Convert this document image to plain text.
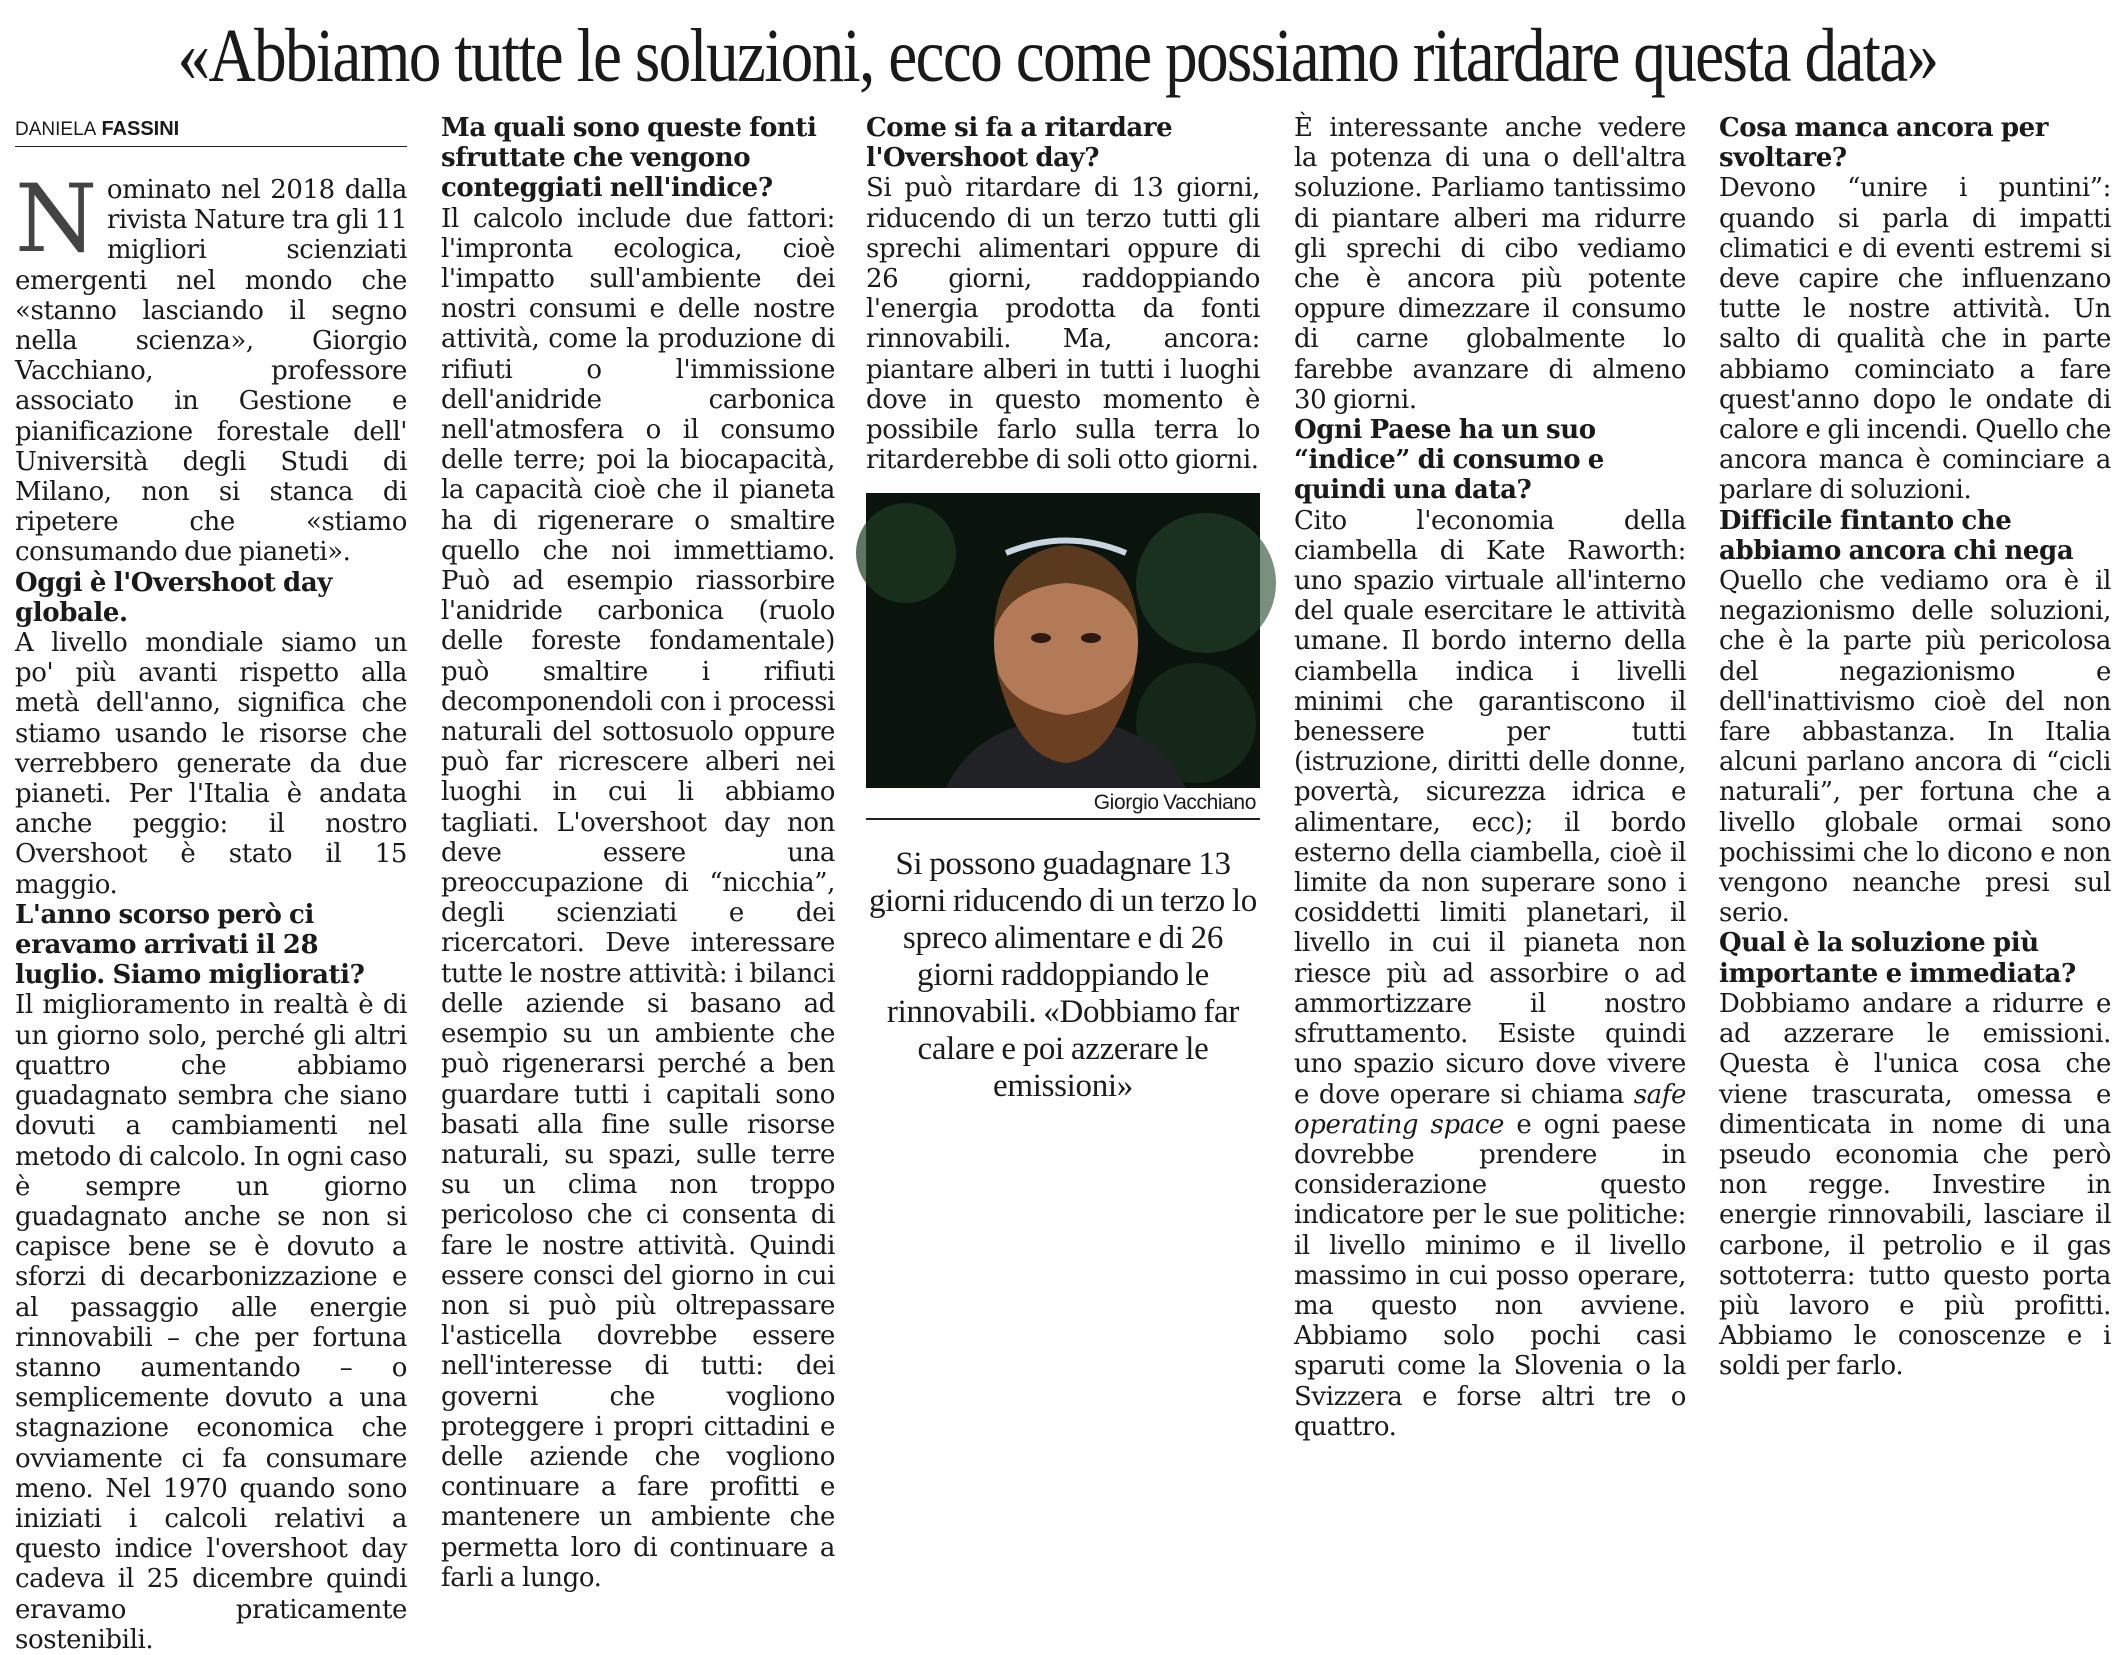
«Abbiamo tutte le soluzioni, ecco come possiamo ritardare questa data»
DANIELA FASSINI

Nominato nel 2018 dalla rivista Nature tra gli 11 migliori scienziati emergenti nel mondo che «stanno lasciando il segno nella scienza», Giorgio Vacchiano, professore associato in Gestione e pianificazione forestale dell' Università degli Studi di Milano, non si stanca di ripetere che «stiamo consumando due pianeti».

Oggi è l'Overshoot day globale.

A livello mondiale siamo un po' più avanti rispetto alla metà dell'anno, significa che stiamo usando le risorse che verrebbero generate da due pianeti. Per l'Italia è andata anche peggio: il nostro Overshoot è stato il 15 maggio.

L'anno scorso però ci eravamo arrivati il 28 luglio. Siamo migliorati?

Il miglioramento in realtà è di un giorno solo, perché gli altri quattro che abbiamo guadagnato sembra che siano dovuti a cambiamenti nel metodo di calcolo. In ogni caso è sempre un giorno guadagnato anche se non si capisce bene se è dovuto a sforzi di decarbonizzazione e al passaggio alle energie rinnovabili – che per fortuna stanno aumentando – o semplicemente dovuto a una stagnazione economica che ovviamente ci fa consumare meno. Nel 1970 quando sono iniziati i calcoli relativi a questo indice l'overshoot day cadeva il 25 dicembre quindi eravamo praticamente sostenibili.

Ma quali sono queste fonti sfruttate che vengono conteggiati nell'indice?

Il calcolo include due fattori: l'impronta ecologica, cioè l'impatto sull'ambiente dei nostri consumi e delle nostre attività, come la produzione di rifiuti o l'immissione dell'anidride carbonica nell'atmosfera o il consumo delle terre; poi la biocapacità, la capacità cioè che il pianeta ha di rigenerare o smaltire quello che noi immettiamo. Può ad esempio riassorbire l'anidride carbonica (ruolo delle foreste fondamentale) può smaltire i rifiuti decomponendoli con i processi naturali del sottosuolo oppure può far ricrescere alberi nei luoghi in cui li abbiamo tagliati. L'overshoot day non deve essere una preoccupazione di “nicchia”, degli scienziati e dei ricercatori. Deve interessare tutte le nostre attività: i bilanci delle aziende si basano ad esempio su un ambiente che può rigenerarsi perché a ben guardare tutti i capitali sono basati alla fine sulle risorse naturali, su spazi, sulle terre su un clima non troppo pericoloso che ci consenta di fare le nostre attività. Quindi essere consci del giorno in cui non si può più oltrepassare l'asticella dovrebbe essere nell'interesse di tutti: dei governi che vogliono proteggere i propri cittadini e delle aziende che vogliono continuare a fare profitti e mantenere un ambiente che permetta loro di continuare a farli a lungo.

Come si fa a ritardare l'Overshoot day?

Si può ritardare di 13 giorni, riducendo di un terzo tutti gli sprechi alimentari oppure di 26 giorni, raddoppiando l'energia prodotta da fonti rinnovabili. Ma, ancora: piantare alberi in tutti i luoghi dove in questo momento è possibile farlo sulla terra lo ritarderebbe di soli otto giorni.

Giorgio Vacchiano
Si possono guadagnare 13 giorni riducendo di un terzo lo spreco alimentare e di 26 giorni raddoppiando le rinnovabili. «Dobbiamo far calare e poi azzerare le emissioni»

È interessante anche vedere la potenza di una o dell'altra soluzione. Parliamo tantissimo di piantare alberi ma ridurre gli sprechi di cibo vediamo che è ancora più potente oppure dimezzare il consumo di carne globalmente lo farebbe avanzare di almeno 30 giorni.

Ogni Paese ha un suo “indice” di consumo e quindi una data?

Cito l'economia della ciambella di Kate Raworth: uno spazio virtuale all'interno del quale esercitare le attività umane. Il bordo interno della ciambella indica i livelli minimi che garantiscono il benessere per tutti (istruzione, diritti delle donne, povertà, sicurezza idrica e alimentare, ecc); il bordo esterno della ciambella, cioè il limite da non superare sono i cosiddetti limiti planetari, il livello in cui il pianeta non riesce più ad assorbire o ad ammortizzare il nostro sfruttamento. Esiste quindi uno spazio sicuro dove vivere e dove operare si chiama safe operating space e ogni paese dovrebbe prendere in considerazione questo indicatore per le sue politiche: il livello minimo e il livello massimo in cui posso operare, ma questo non avviene. Abbiamo solo pochi casi sparuti come la Slovenia o la Svizzera e forse altri tre o quattro.

Cosa manca ancora per svoltare?

Devono “unire i puntini”: quando si parla di impatti climatici e di eventi estremi si deve capire che influenzano tutte le nostre attività. Un salto di qualità che in parte abbiamo cominciato a fare quest'anno dopo le ondate di calore e gli incendi. Quello che ancora manca è cominciare a parlare di soluzioni.

Difficile fintanto che abbiamo ancora chi nega

Quello che vediamo ora è il negazionismo delle soluzioni, che è la parte più pericolosa del negazionismo e dell'inattivismo cioè del non fare abbastanza. In Italia alcuni parlano ancora di “cicli naturali”, per fortuna che a livello globale ormai sono pochissimi che lo dicono e non vengono neanche presi sul serio.

Qual è la soluzione più importante e immediata?

Dobbiamo andare a ridurre e ad azzerare le emissioni. Questa è l'unica cosa che viene trascurata, omessa e dimenticata in nome di una pseudo economia che però non regge. Investire in energie rinnovabili, lasciare il carbone, il petrolio e il gas sottoterra: tutto questo porta più lavoro e più profitti. Abbiamo le conoscenze e i soldi per farlo.
